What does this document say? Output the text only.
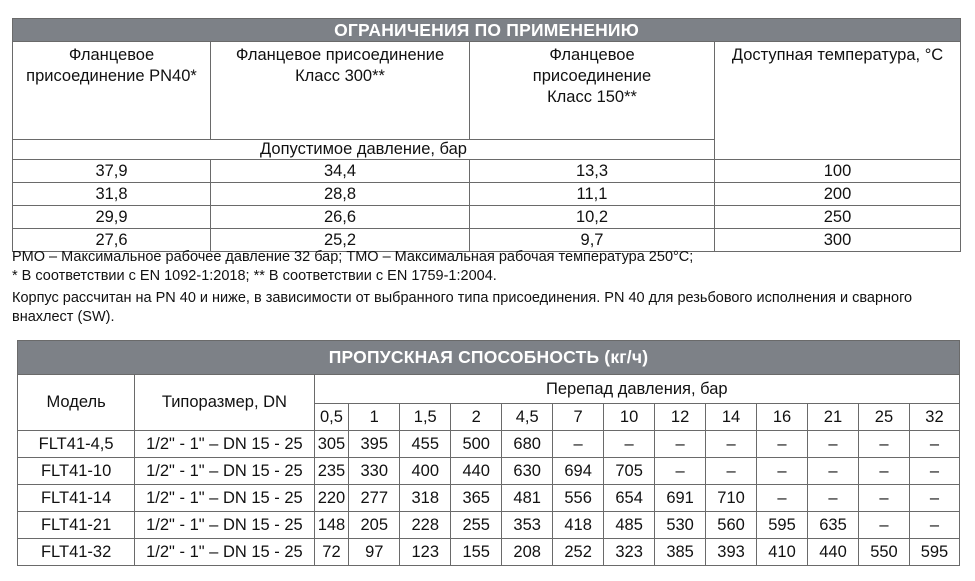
ОГРАНИЧЕНИЯ ПО ПРИМЕНЕНИЮ			
Фланцевое присоединение PN40*	Фланцевое присоединение Класс 300**	Фланцевое присоединение Класс 150**	Доступная температура, °С
Допустимое давление, бар			
37,9	34,4	13,3	100
31,8	28,8	11,1	200
29,9	26,6	10,2	250
27,6	25,2	9,7	300

PMO – Максимальное рабочее давление 32 бар; TMO – Максимальная рабочая температура 250°C;

* В соответствии с EN 1092-1:2018; ** В соответствии с EN 1759-1:2004.

Корпус рассчитан на PN 40 и ниже, в зависимости от выбранного типа присоединения. PN 40 для резьбового исполнения и сварного внахлест (SW).

ПРОПУСКНАЯ СПОСОБНОСТЬ (кг/ч)														
Модель	Типоразмер, DN	Перепад давления, бар												
		0,5	1	1,5	2	4,5	7	10	12	14	16	21	25	32
FLT41-4,5	1/2" - 1" – DN 15 - 25	305	395	455	500	680	–	–	–	–	–	–	–	–
FLT41-10	1/2" - 1" – DN 15 - 25	235	330	400	440	630	694	705	–	–	–	–	–	–
FLT41-14	1/2" - 1" – DN 15 - 25	220	277	318	365	481	556	654	691	710	–	–	–	–
FLT41-21	1/2" - 1" – DN 15 - 25	148	205	228	255	353	418	485	530	560	595	635	–	–
FLT41-32	1/2" - 1" – DN 15 - 25	72	97	123	155	208	252	323	385	393	410	440	550	595
